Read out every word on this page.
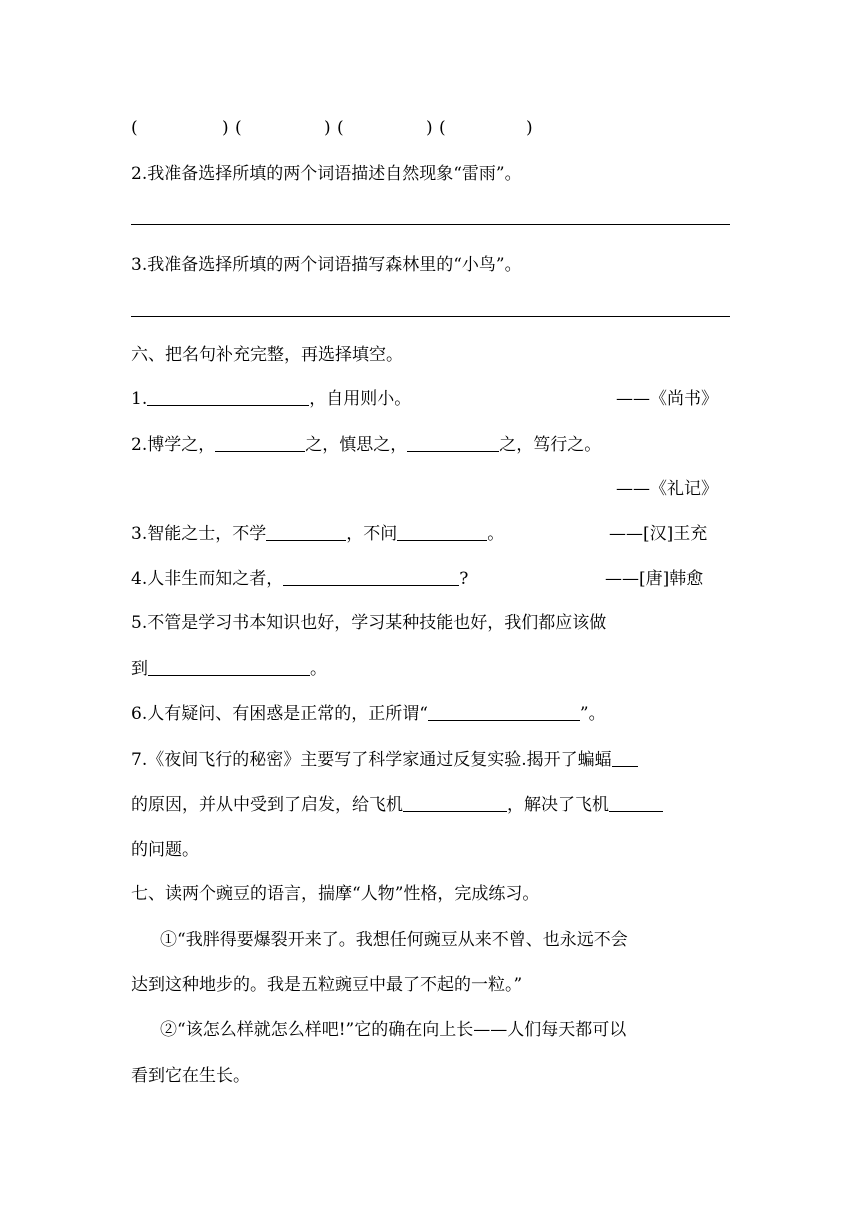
(	) (	) (	) (	)
2.我准备选择所填的两个词语描述自然现象“雷雨”。
3.我准备选择所填的两个词语描写森林里的“小鸟”。
六、把名句补充完整，再选择填空。
1.	，自用则小。	——《尚书》
2.博学之，	之，慎思之，	之，笃行之。
——《礼记》
3.智能之士，不学	，不问	。	——[汉]王充
4.人非生而知之者，	?	——[唐]韩愈
5.不管是学习书本知识也好，学习某种技能也好，我们都应该做
到	。
6.人有疑问、有困惑是正常的，正所谓“	”。
7.《夜间飞行的秘密》主要写了科学家通过反复实验.揭开了蝙蝠
的原因，并从中受到了启发，给飞机	，解决了飞机
的问题。
七、读两个豌豆的语言，揣摩“人物”性格，完成练习。
①“我胖得要爆裂开来了。我想任何豌豆从来不曾、也永远不会
达到这种地步的。我是五粒豌豆中最了不起的一粒。”
②“该怎么样就怎么样吧!”它的确在向上长——人们每天都可以
看到它在生长。
